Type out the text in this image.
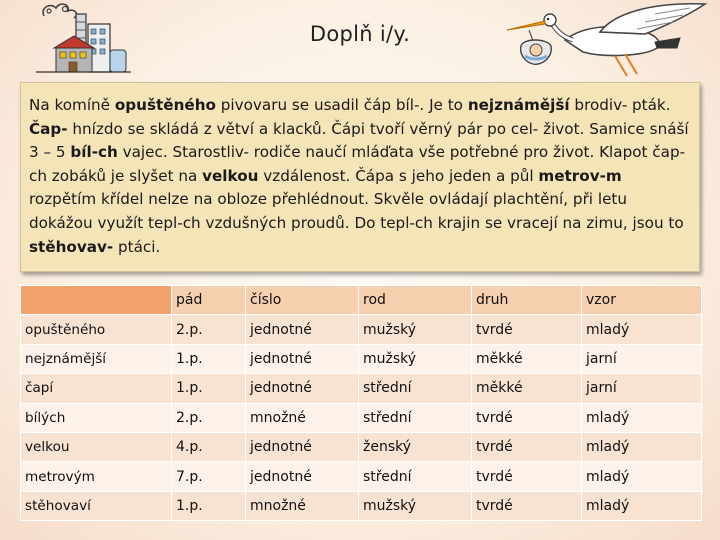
Doplň i/y.

Na komíně opuštěného pivovaru se usadil čáp bíl-. Je to nejznámější brodiv- pták. Čap- hnízdo se skládá z větví a klacků. Čápi tvoří věrný pár po cel- život. Samice snáší 3 – 5 bíl-ch vajec. Starostliv- rodiče naučí mláďata vše potřebné pro život. Klapot čap-ch zobáků je slyšet na velkou vzdálenost. Čápa s jeho jeden a půl metrov-m rozpětím křídel nelze na obloze přehlédnout. Skvěle ovládají plachtění, při letu dokážou využít tepl-ch vzdušných proudů. Do tepl-ch krajin se vracejí na zimu, jsou to stěhovav- ptáci.

	pád	číslo	rod	druh	vzor
opuštěného	2.p.	jednotné	mužský	tvrdé	mladý
nejznámější	1.p.	jednotné	mužský	měkké	jarní
čapí	1.p.	jednotné	střední	měkké	jarní
bílých	2.p.	množné	střední	tvrdé	mladý
velkou	4.p.	jednotné	ženský	tvrdé	mladý
metrovým	7.p.	jednotné	střední	tvrdé	mladý
stěhovaví	1.p.	množné	mužský	tvrdé	mladý
